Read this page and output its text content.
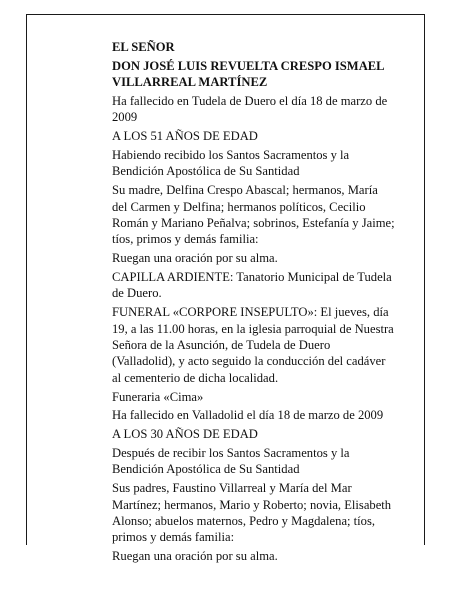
EL SEÑOR

DON JOSÉ LUIS REVUELTA CRESPO ISMAEL
VILLARREAL MARTÍNEZ

Ha fallecido en Tudela de Duero el día 18 de marzo de
2009

A LOS 51 AÑOS DE EDAD

Habiendo recibido los Santos Sacramentos y la
Bendición Apostólica de Su Santidad

Su madre, Delfina Crespo Abascal; hermanos, María
del Carmen y Delfina; hermanos políticos, Cecilio
Román y Mariano Peñalva; sobrinos, Estefanía y Jaime;
tíos, primos y demás familia:

Ruegan una oración por su alma.

CAPILLA ARDIENTE: Tanatorio Municipal de Tudela
de Duero.

FUNERAL «CORPORE INSEPULTO»: El jueves, día
19, a las 11.00 horas, en la iglesia parroquial de Nuestra
Señora de la Asunción, de Tudela de Duero
(Valladolid), y acto seguido la conducción del cadáver
al cementerio de dicha localidad.

Funeraria «Cima»

Ha fallecido en Valladolid el día 18 de marzo de 2009

A LOS 30 AÑOS DE EDAD

Después de recibir los Santos Sacramentos y la
Bendición Apostólica de Su Santidad

Sus padres, Faustino Villarreal y María del Mar
Martínez; hermanos, Mario y Roberto; novia, Elisabeth
Alonso; abuelos maternos, Pedro y Magdalena; tíos,
primos y demás familia:

Ruegan una oración por su alma.
